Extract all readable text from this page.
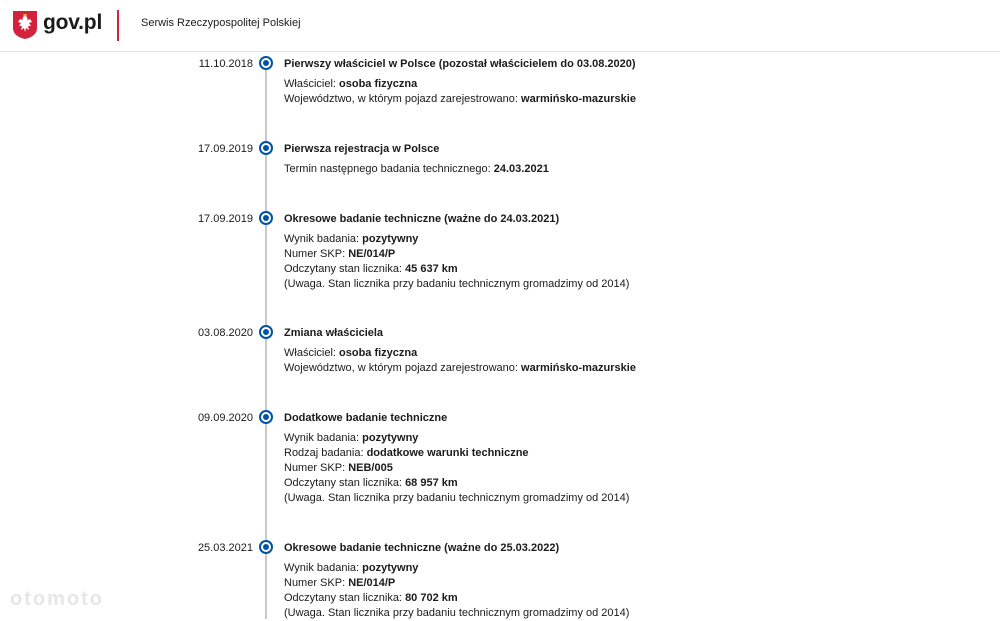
gov.pl	Serwis Rzeczypospolitej Polskiej
11.10.2018	Pierwszy właściciel w Polsce (pozostał właścicielem do 03.08.2020)
Właściciel: osoba fizyczna
Województwo, w którym pojazd zarejestrowano: warmińsko-mazurskie
17.09.2019	Pierwsza rejestracja w Polsce
Termin następnego badania technicznego: 24.03.2021
17.09.2019	Okresowe badanie techniczne (ważne do 24.03.2021)
Wynik badania: pozytywny
Numer SKP: NE/014/P
Odczytany stan licznika: 45 637 km
(Uwaga. Stan licznika przy badaniu technicznym gromadzimy od 2014)
03.08.2020	Zmiana właściciela
Właściciel: osoba fizyczna
Województwo, w którym pojazd zarejestrowano: warmińsko-mazurskie
09.09.2020	Dodatkowe badanie techniczne
Wynik badania: pozytywny
Rodzaj badania: dodatkowe warunki techniczne
Numer SKP: NEB/005
Odczytany stan licznika: 68 957 km
(Uwaga. Stan licznika przy badaniu technicznym gromadzimy od 2014)
25.03.2021	Okresowe badanie techniczne (ważne do 25.03.2022)
Wynik badania: pozytywny
Numer SKP: NE/014/P
Odczytany stan licznika: 80 702 km
(Uwaga. Stan licznika przy badaniu technicznym gromadzimy od 2014)
otomoto
